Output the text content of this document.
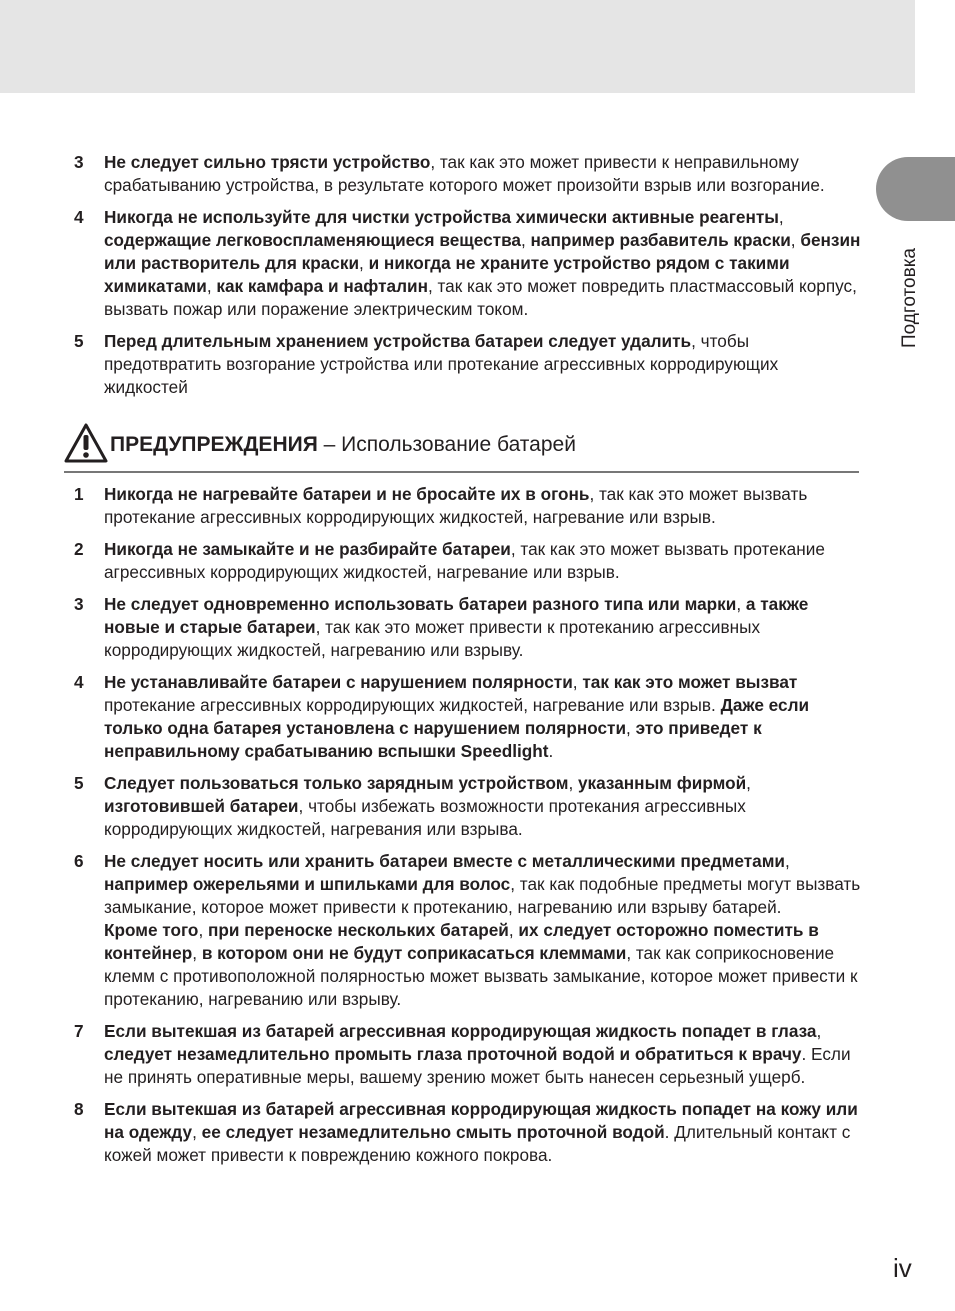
Подготовка
3	Не следует сильно трясти устройство, так как это может привести к неправильному срабатыванию устройства, в результате которого может произойти взрыв или возгорание.
4	Никогда не используйте для чистки устройства химически активные реагенты, содержащие легковоспламеняющиеся вещества, например разбавитель краски, бензин или растворитель для краски, и никогда не храните устройство рядом с такими химикатами, как камфара и нафталин, так как это может повредить пластмассовый корпус, вызвать пожар или поражение электрическим током.
5	Перед длительным хранением устройства батареи следует удалить, чтобы предотвратить возгорание устройства или протекание агрессивных корродирующих жидкостей
ПРЕДУПРЕЖДЕНИЯ – Использование батарей
1	Никогда не нагревайте батареи и не бросайте их в огонь, так как это может вызвать протекание агрессивных корродирующих жидкостей, нагревание или взрыв.
2	Никогда не замыкайте и не разбирайте батареи, так как это может вызвать протекание агрессивных корродирующих жидкостей, нагревание или взрыв.
3	Не следует одновременно использовать батареи разного типа или марки, а также новые и старые батареи, так как это может привести к протеканию агрессивных корродирующих жидкостей, нагреванию или взрыву.
4	Не устанавливайте батареи с нарушением полярности, так как это может вызват протекание агрессивных корродирующих жидкостей, нагревание или взрыв. Даже если только одна батарея установлена с нарушением полярности, это приведет к неправильному срабатыванию вспышки Speedlight.
5	Следует пользоваться только зарядным устройством, указанным фирмой, изготовившей батареи, чтобы избежать возможности протекания агрессивных корродирующих жидкостей, нагревания или взрыва.
6	Не следует носить или хранить батареи вместе с металлическими предметами, например ожерельями и шпильками для волос, так как подобные предметы могут вызвать замыкание, которое может привести к протеканию, нагреванию или взрыву батарей.
Кроме того, при переноске нескольких батарей, их следует осторожно поместить в контейнер, в котором они не будут соприкасаться клеммами, так как соприкосновение клемм с противоположной полярностью может вызвать замыкание, которое может привести к протеканию, нагреванию или взрыву.
7	Если вытекшая из батарей агрессивная корродирующая жидкость попадет в глаза, следует незамедлительно промыть глаза проточной водой и обратиться к врачу. Если не принять оперативные меры, вашему зрению может быть нанесен серьезный ущерб.
8	Если вытекшая из батарей агрессивная корродирующая жидкость попадет на кожу или на одежду, ее следует незамедлительно смыть проточной водой. Длительный контакт с кожей может привести к повреждению кожного покрова.
iv
